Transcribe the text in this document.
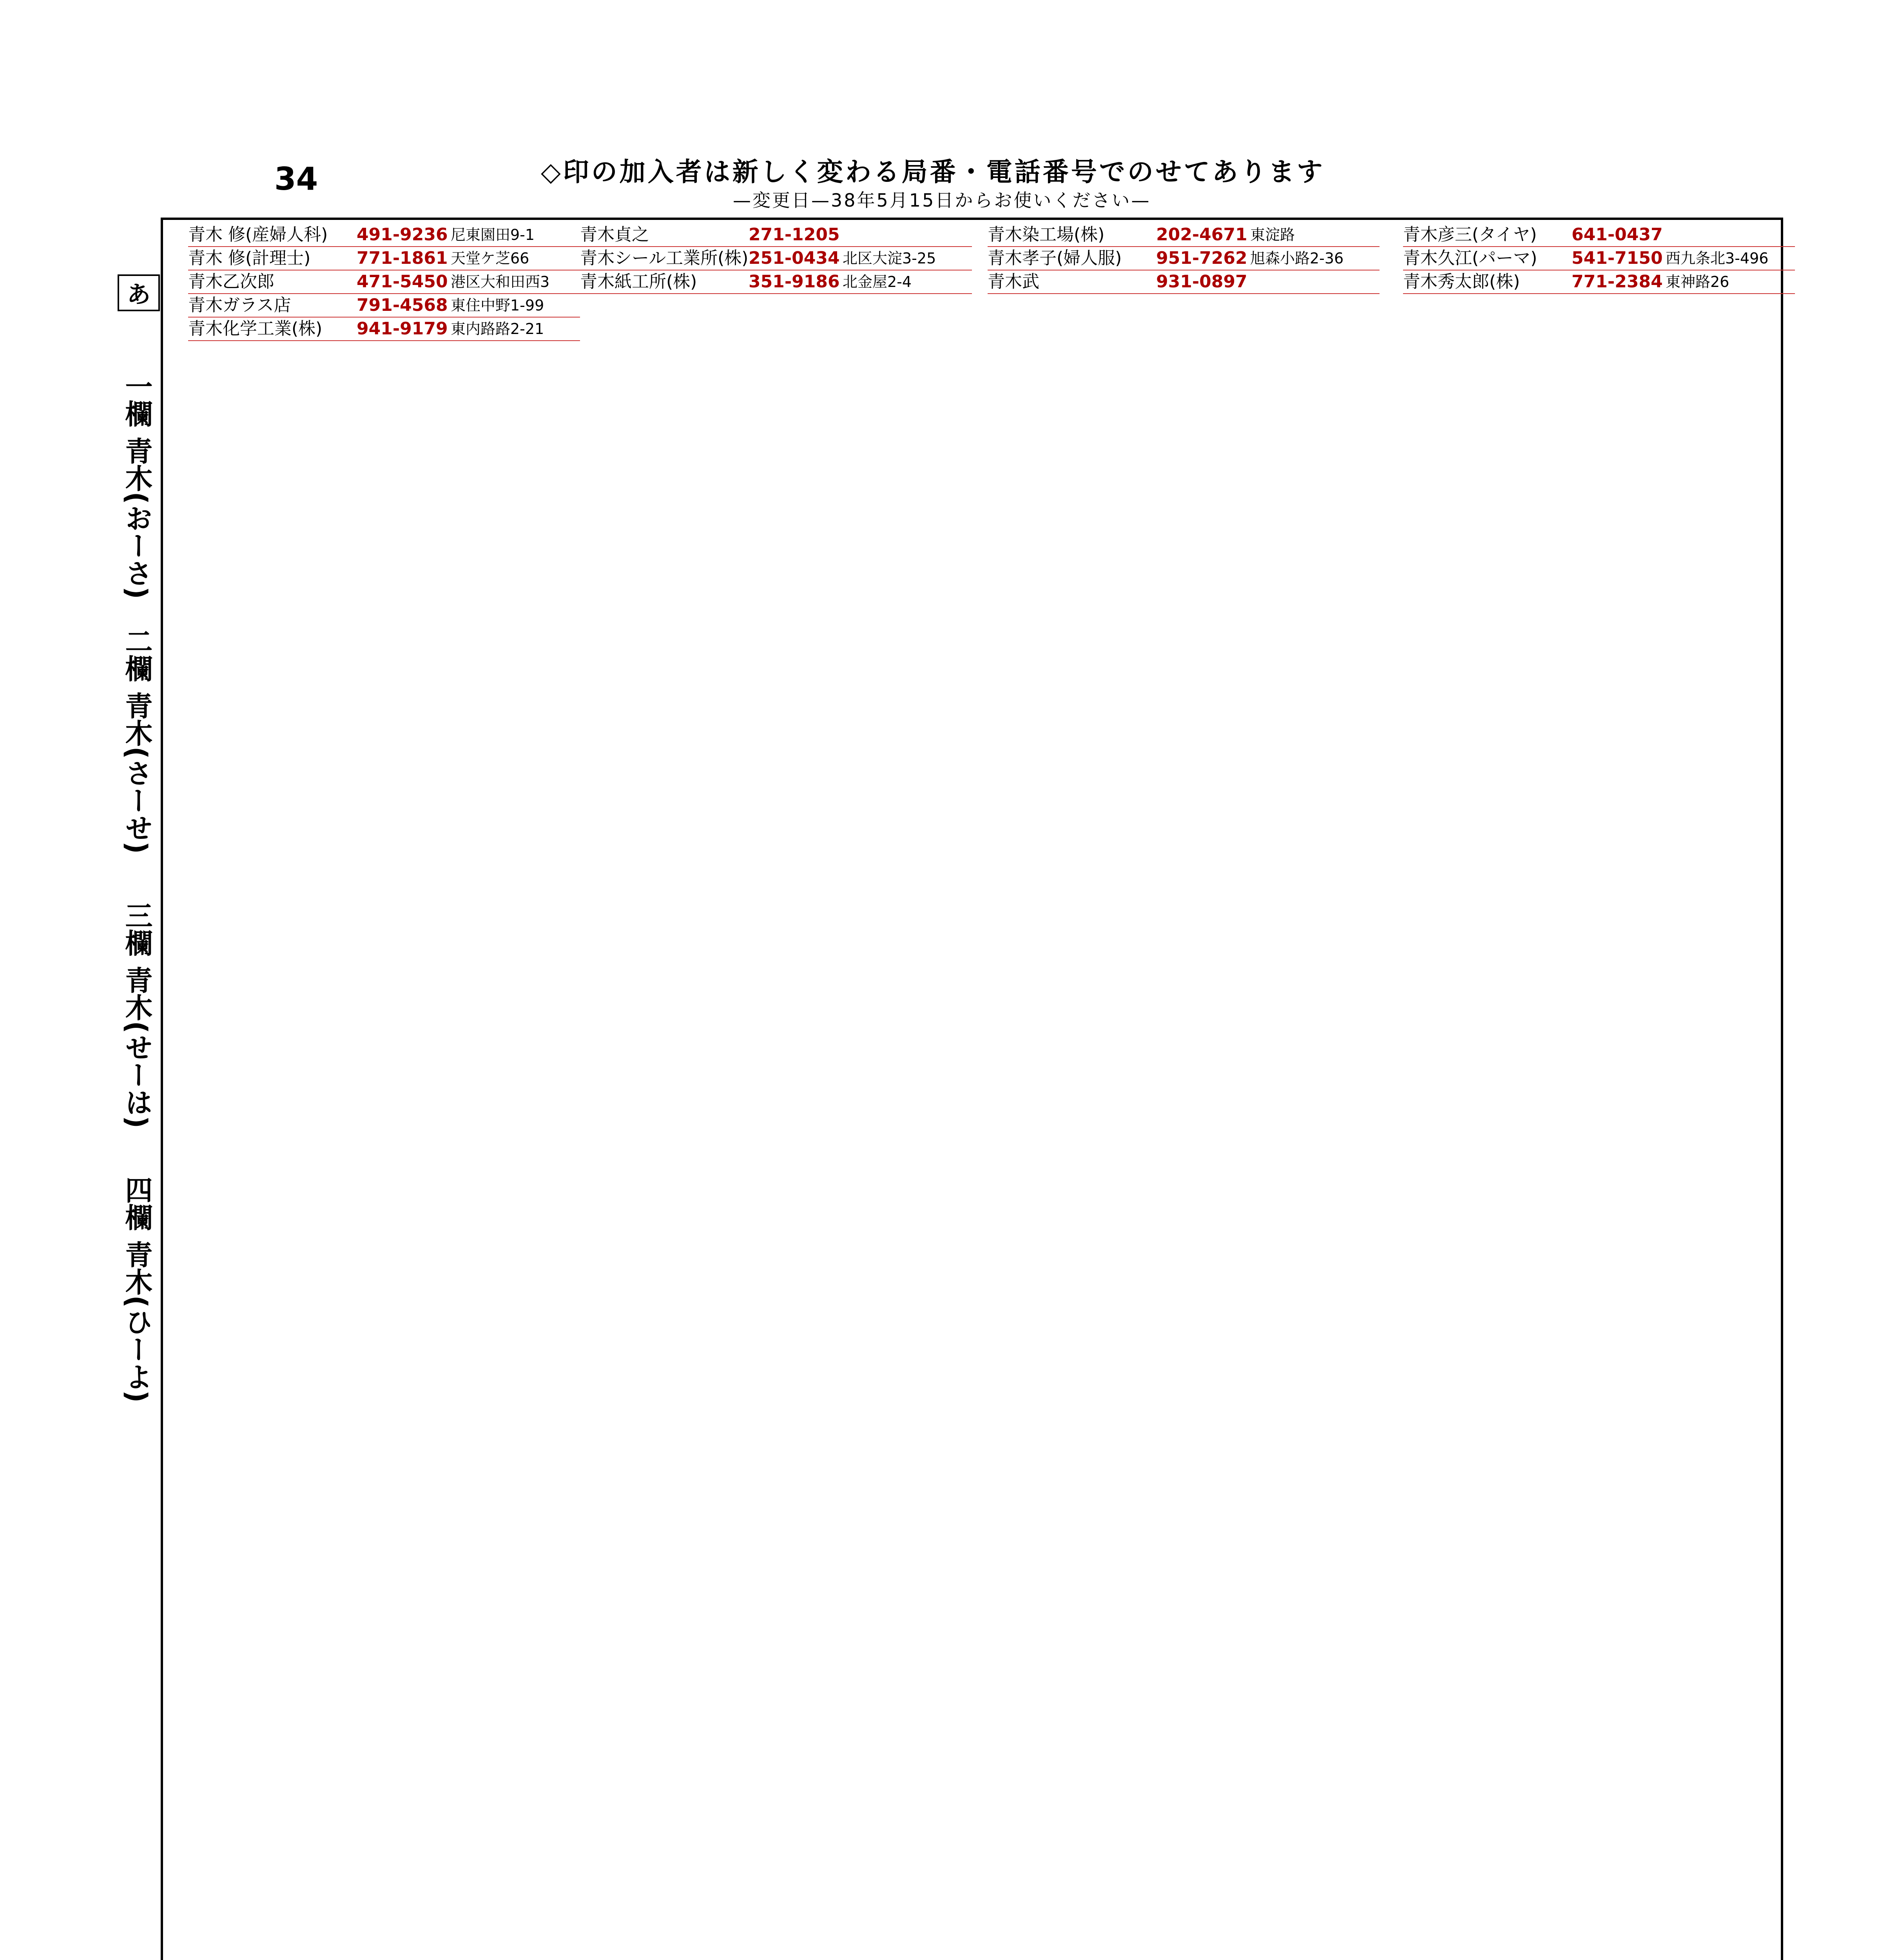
34	◇印の加入者は新しく変わる局番・電話番号でのせてあります
—変更日—38年5月15日からお使いください—
あ
一欄 青木(おーさ)
二欄 青木(さーせ)
三欄 青木(せーは)
四欄 青木(ひーよ)
青木 修(産婦人科)	491-9236 尼東園田9-1
青木 修(計理士)	771-1861 天堂ケ芝66
青木乙次郎	471-5450 港区大和田西3
青木ガラス店	791-4568 東住中野1-99
青木化学工業(株)	941-9179 東内路路2-21
青木貞之	271-1205
青木シール工業所(株) 251-0434 北区大淀3-25
青木紙工所(株)	351-9186 北金屋2-4
青木染工場(株)	202-4671 東淀路
青木孝子(婦人服)	951-7262 旭森小路2-36
青木武	931-0897
青木彦三(タイヤ)	641-0437
青木久江(パーマ)	541-7150 西九条北3-496
青木秀太郎(株)	771-2384 東神路26
